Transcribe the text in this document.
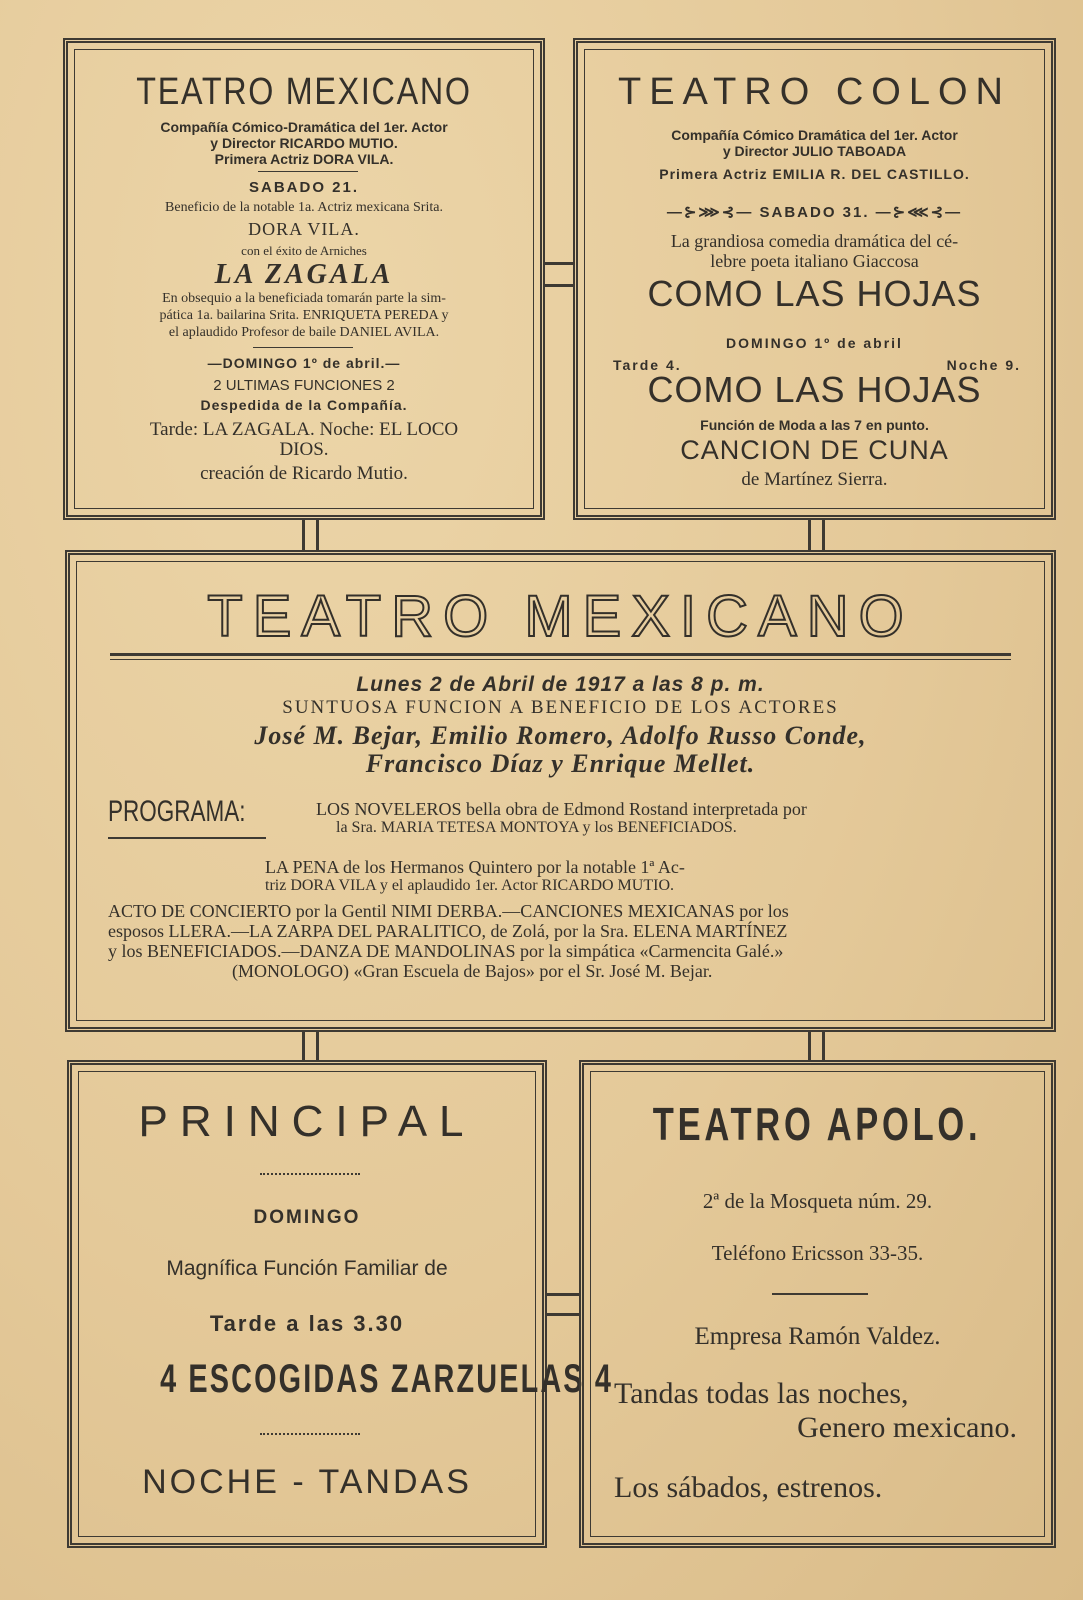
TEATRO MEXICANO
Compañía Cómico-Dramática del 1er. Actor
y Director RICARDO MUTIO.
Primera Actriz DORA VILA.
SABADO 21.
Beneficio de la notable 1a. Actriz mexicana Srita.
DORA VILA.
con el éxito de Arniches
LA ZAGALA
En obsequio a la beneficiada tomarán parte la sim-
pática 1a. bailarina Srita. ENRIQUETA PEREDA y
el aplaudido Profesor de baile DANIEL AVILA.
—DOMINGO 1º de abril.—
2 ULTIMAS FUNCIONES 2
Despedida de la Compañía.
Tarde: LA ZAGALA. Noche: EL LOCO
DIOS.
creación de Ricardo Mutio.
TEATRO COLON
Compañía Cómico Dramática del 1er. Actor
y Director JULIO TABOADA
Primera Actriz EMILIA R. DEL CASTILLO.
—⊱⋙⊰— SABADO 31. —⊱⋘⊰—
La grandiosa comedia dramática del cé-
lebre poeta italiano Giaccosa
COMO LAS HOJAS
DOMINGO 1º de abril
Tarde 4.	Noche 9.
COMO LAS HOJAS
Función de Moda a las 7 en punto.
CANCION DE CUNA
de Martínez Sierra.
TEATRO MEXICANO
Lunes 2 de Abril de 1917 a las 8 p. m.
SUNTUOSA FUNCION A BENEFICIO DE LOS ACTORES
José M. Bejar, Emilio Romero, Adolfo Russo Conde,
Francisco Díaz y Enrique Mellet.
PROGRAMA:	LOS NOVELEROS bella obra de Edmond Rostand interpretada por
la Sra. MARIA TETESA MONTOYA y los BENEFICIADOS.
LA PENA de los Hermanos Quintero por la notable 1ª Ac-
triz DORA VILA y el aplaudido 1er. Actor RICARDO MUTIO.
ACTO DE CONCIERTO por la Gentil NIMI DERBA.—CANCIONES MEXICANAS por los
esposos LLERA.—LA ZARPA DEL PARALITICO, de Zolá, por la Sra. ELENA MARTÍNEZ
y los BENEFICIADOS.—DANZA DE MANDOLINAS por la simpática «Carmencita Galé.»
(MONOLOGO) «Gran Escuela de Bajos» por el Sr. José M. Bejar.
PRINCIPAL
DOMINGO
Magnífica Función Familiar de
Tarde a las 3.30
4 ESCOGIDAS ZARZUELAS 4
NOCHE - TANDAS
TEATRO APOLO.
2ª de la Mosqueta núm. 29.
Teléfono Ericsson 33-35.
Empresa Ramón Valdez.
Tandas todas las noches,
Genero mexicano.
Los sábados, estrenos.
